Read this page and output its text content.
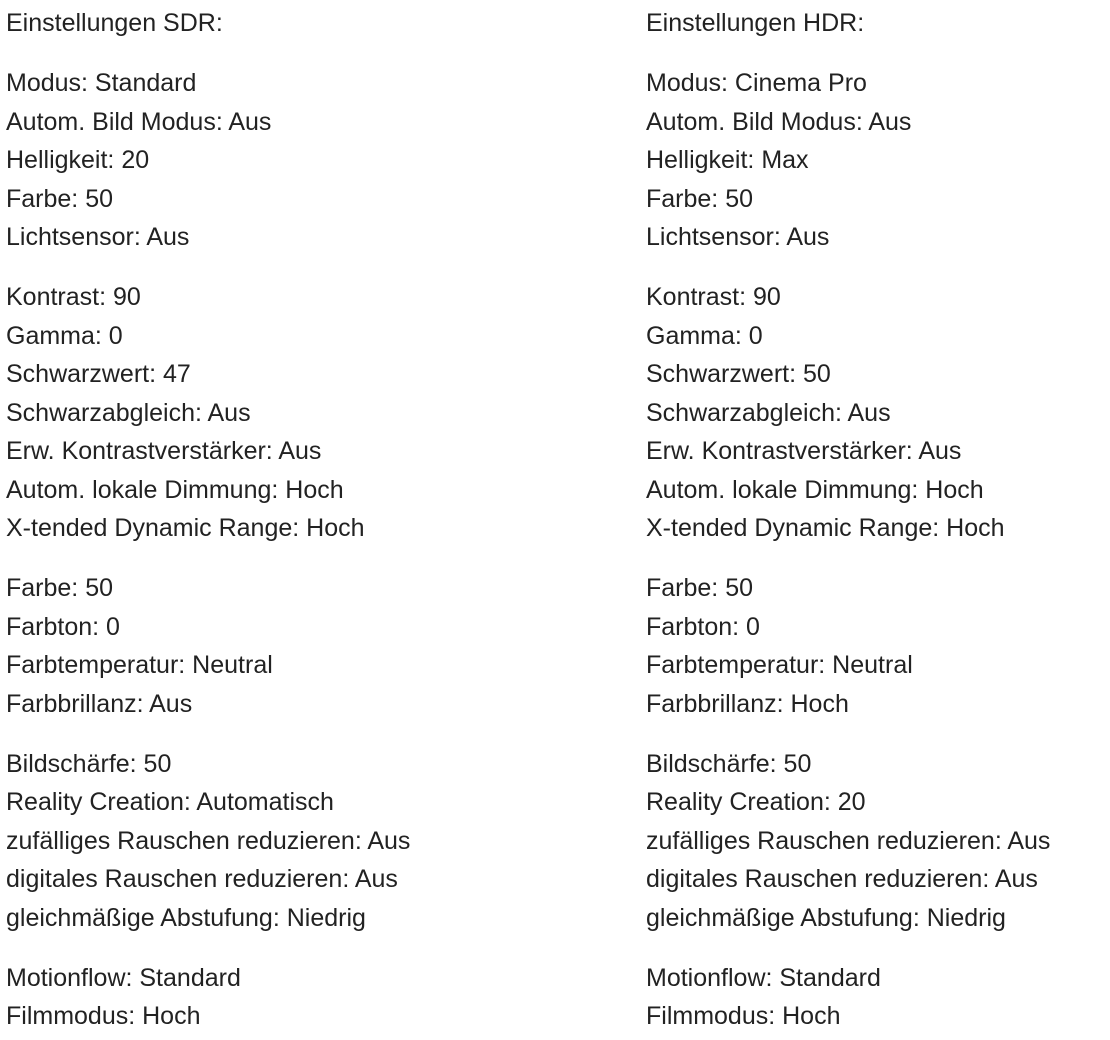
Einstellungen SDR:
Modus: Standard
Autom. Bild Modus: Aus
Helligkeit: 20
Farbe: 50
Lichtsensor: Aus
Kontrast: 90
Gamma: 0
Schwarzwert: 47
Schwarzabgleich: Aus
Erw. Kontrastverstärker: Aus
Autom. lokale Dimmung: Hoch
X-tended Dynamic Range: Hoch
Farbe: 50
Farbton: 0
Farbtemperatur: Neutral
Farbbrillanz: Aus
Bildschärfe: 50
Reality Creation: Automatisch
zufälliges Rauschen reduzieren: Aus
digitales Rauschen reduzieren: Aus
gleichmäßige Abstufung: Niedrig
Motionflow: Standard
Filmmodus: Hoch
Einstellungen HDR:
Modus: Cinema Pro
Autom. Bild Modus: Aus
Helligkeit: Max
Farbe: 50
Lichtsensor: Aus
Kontrast: 90
Gamma: 0
Schwarzwert: 50
Schwarzabgleich: Aus
Erw. Kontrastverstärker: Aus
Autom. lokale Dimmung: Hoch
X-tended Dynamic Range: Hoch
Farbe: 50
Farbton: 0
Farbtemperatur: Neutral
Farbbrillanz: Hoch
Bildschärfe: 50
Reality Creation: 20
zufälliges Rauschen reduzieren: Aus
digitales Rauschen reduzieren: Aus
gleichmäßige Abstufung: Niedrig
Motionflow: Standard
Filmmodus: Hoch
